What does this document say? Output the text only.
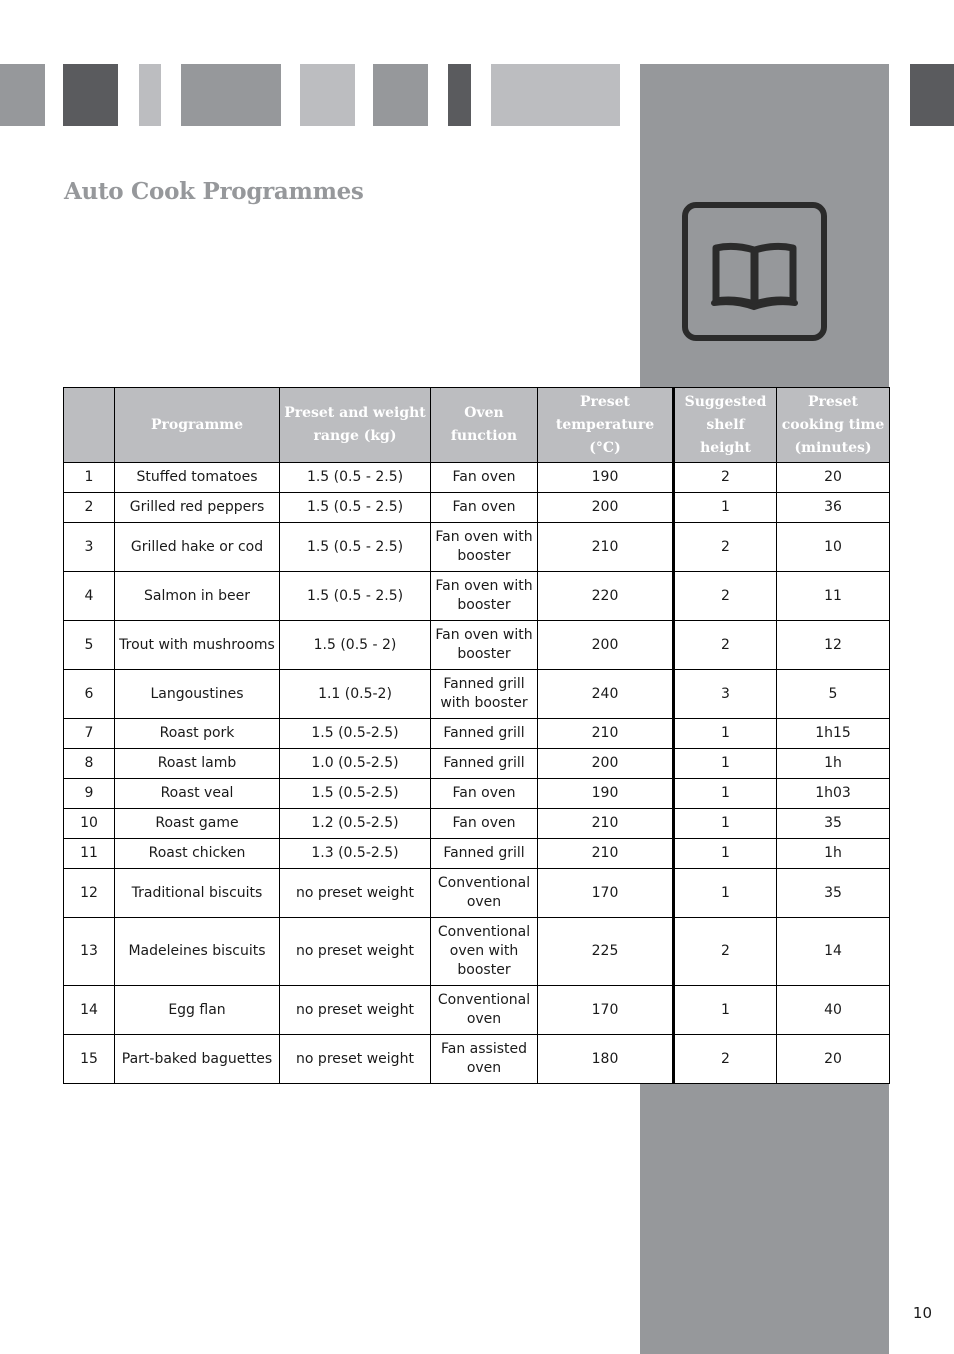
Auto Cook Programmes
	Programme	Preset and weight range (kg)	Oven function	Preset temperature (°C)	Suggested shelf height	Preset cooking time (minutes)
1	Stuffed tomatoes	1.5 (0.5 - 2.5)	Fan oven	190	2	20
2	Grilled red peppers	1.5 (0.5 - 2.5)	Fan oven	200	1	36
3	Grilled hake or cod	1.5 (0.5 - 2.5)	Fan oven with booster	210	2	10
4	Salmon in beer	1.5 (0.5 - 2.5)	Fan oven with booster	220	2	11
5	Trout with mushrooms	1.5 (0.5 - 2)	Fan oven with booster	200	2	12
6	Langoustines	1.1 (0.5-2)	Fanned grill with booster	240	3	5
7	Roast pork	1.5 (0.5-2.5)	Fanned grill	210	1	1h15
8	Roast lamb	1.0 (0.5-2.5)	Fanned grill	200	1	1h
9	Roast veal	1.5 (0.5-2.5)	Fan oven	190	1	1h03
10	Roast game	1.2 (0.5-2.5)	Fan oven	210	1	35
11	Roast chicken	1.3 (0.5-2.5)	Fanned grill	210	1	1h
12	Traditional biscuits	no preset weight	Conventional oven	170	1	35
13	Madeleines biscuits	no preset weight	Conventional oven with booster	225	2	14
14	Egg flan	no preset weight	Conventional oven	170	1	40
15	Part-baked baguettes	no preset weight	Fan assisted oven	180	2	20
10
